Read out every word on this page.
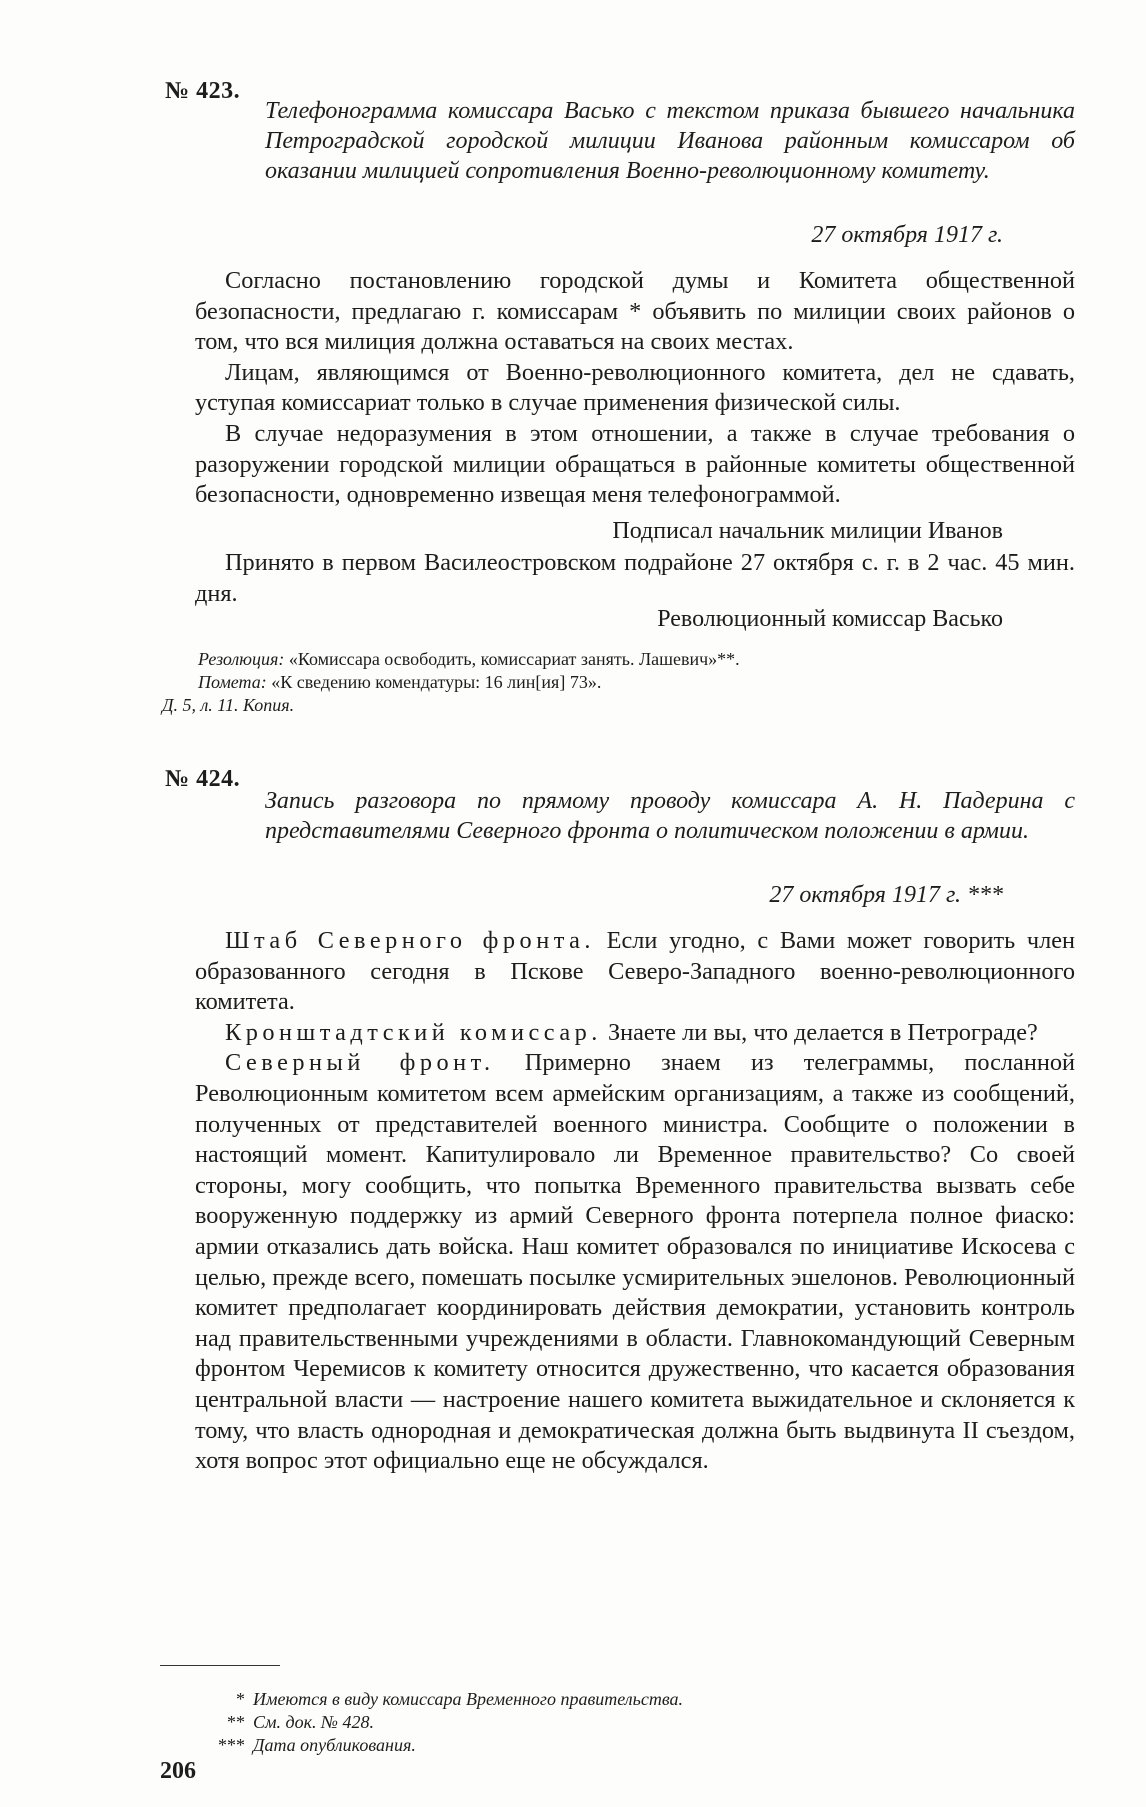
№ 423.
Телефонограмма комиссара Васько с текстом приказа бывшего начальника Петроградской городской милиции Иванова районным комиссаром об оказании милицией сопротивления Военно-революционному комитету.
27 октября 1917 г.

Согласно постановлению городской думы и Комитета общественной безопасности, предлагаю г. комиссарам * объявить по милиции своих районов о том, что вся милиция должна оставаться на своих местах.

Лицам, являющимся от Военно-революционного комитета, дел не сдавать, уступая комиссариат только в случае применения физической силы.

В случае недоразумения в этом отношении, а также в случае требования о разоружении городской милиции обращаться в районные комитеты общественной безопасности, одновременно извещая меня телефонограммой.

Подписал начальник милиции Иванов

Принято в первом Василеостровском подрайоне 27 октября с. г. в 2 час. 45 мин. дня.

Революционный комиссар Васько
Резолюция: «Комиссара освободить, комиссариат занять. Лашевич»**.
Помета: «К сведению комендатуры: 16 лин[ия] 73».
Д. 5, л. 11. Копия.
№ 424.
Запись разговора по прямому проводу комиссара А. Н. Падерина с представителями Северного фронта о политическом положении в армии.
27 октября 1917 г. ***

Штаб Северного фронта. Если угодно, с Вами может говорить член образованного сегодня в Пскове Северо-Западного военно-революционного комитета.

Кронштадтский комиссар. Знаете ли вы, что делается в Петрограде?

Северный фронт. Примерно знаем из телеграммы, посланной Революционным комитетом всем армейским организациям, а также из сообщений, полученных от представителей военного министра. Сообщите о положении в настоящий момент. Капитулировало ли Временное правительство? Со своей стороны, могу сообщить, что попытка Временного правительства вызвать себе вооруженную поддержку из армий Северного фронта потерпела полное фиаско: армии отказались дать войска. Наш комитет образовался по инициативе Искосева с целью, прежде всего, помешать посылке усмирительных эшелонов. Революционный комитет предполагает координировать действия демократии, установить контроль над правительственными учреждениями в области. Главнокомандующий Северным фронтом Черемисов к комитету относится дружественно, что касается образования центральной власти — настроение нашего комитета выжидательное и склоняется к тому, что власть однородная и демократическая должна быть выдвинута II съездом, хотя вопрос этот официально еще не обсуждался.

* Имеются в виду комиссара Временного правительства.
** См. док. № 428.
*** Дата опубликования.
206
